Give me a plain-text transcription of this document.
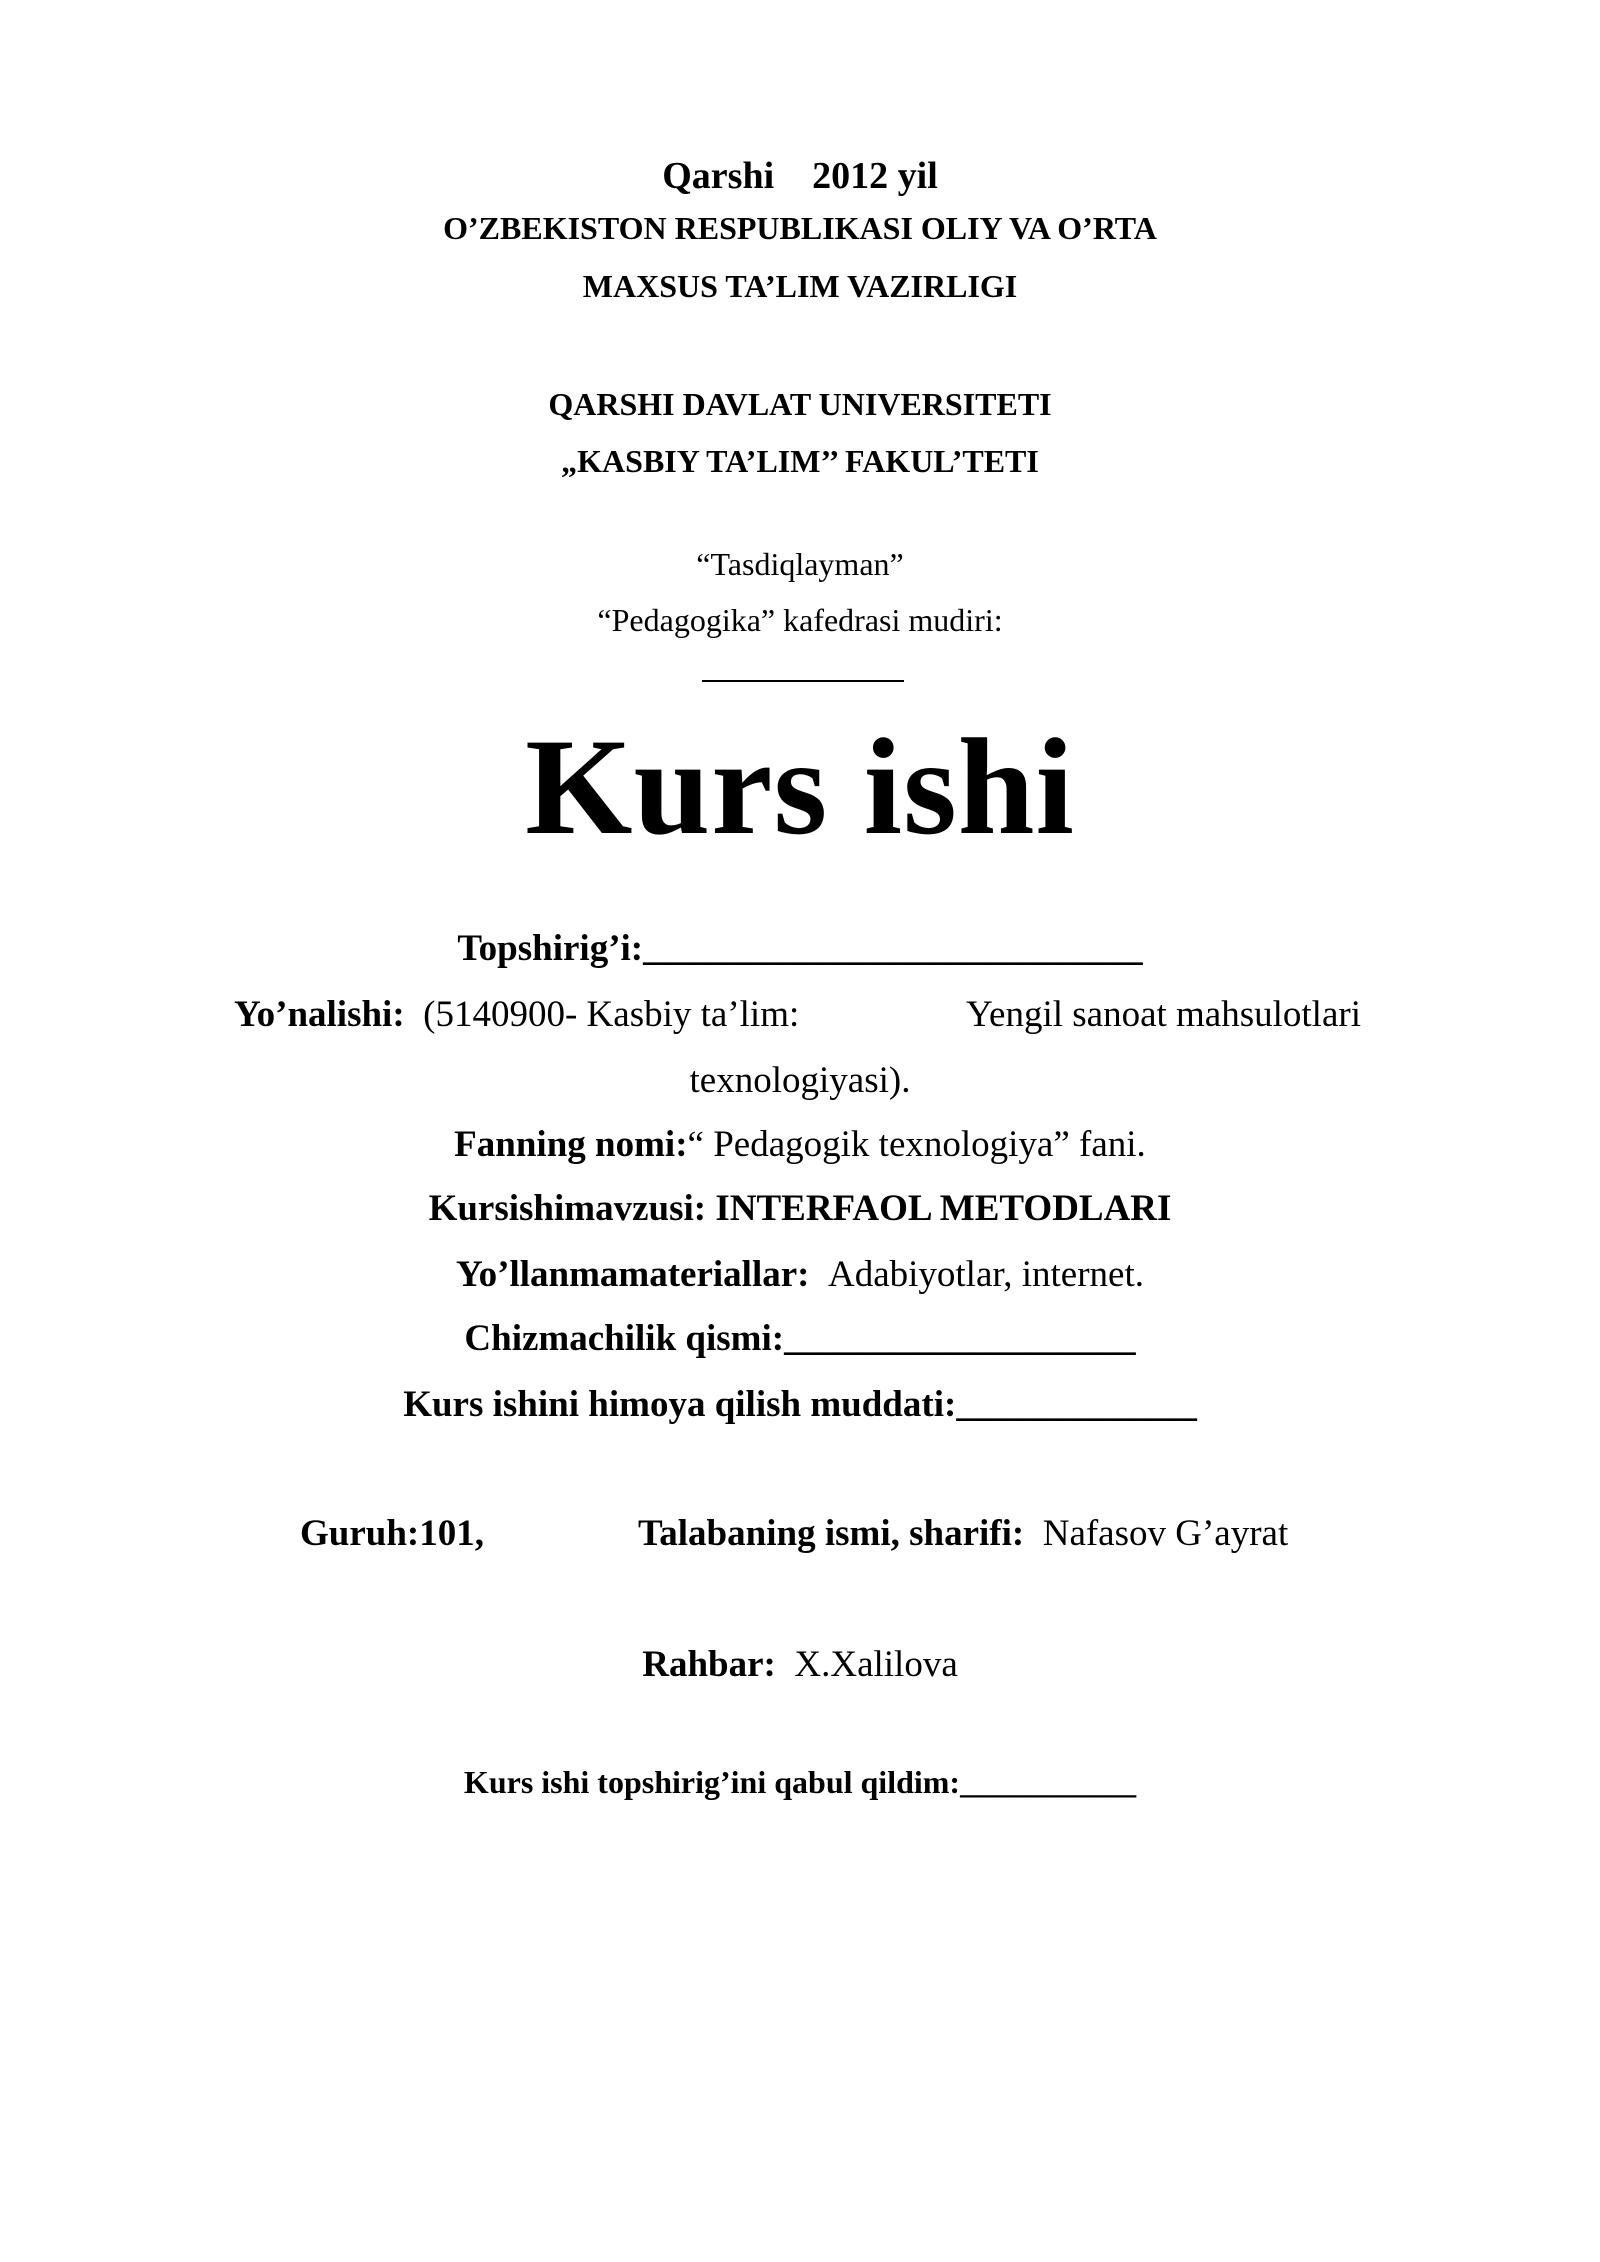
Qarshi 2012 yil
O’ZBEKISTON RESPUBLIKASI OLIY VA O’RTA
MAXSUS TA’LIM VAZIRLIGI
QARSHI DAVLAT UNIVERSITETI
„KASBIY TA’LIM’’ FAKUL’TETI
“Tasdiqlayman”
“Pedagogika” kafedrasi mudiri:
Kurs ishi
Topshirig’i:___________________________
Yo’nalishi: (5140900- Kasbiy ta’lim:	Yengil sanoat mahsulotlari
texnologiyasi).
Fanning nomi:“ Pedagogik texnologiya” fani.
Kursishimavzusi: INTERFAOL METODLARI
Yo’llanmamateriallar: Adabiyotlar, internet.
Chizmachilik qismi:___________________
Kurs ishini himoya qilish muddati:_____________
Guruh:101,	Talabaning ismi, sharifi: Nafasov G’ayrat
Rahbar: X.Xalilova
Kurs ishi topshirig’ini qabul qildim:___________
